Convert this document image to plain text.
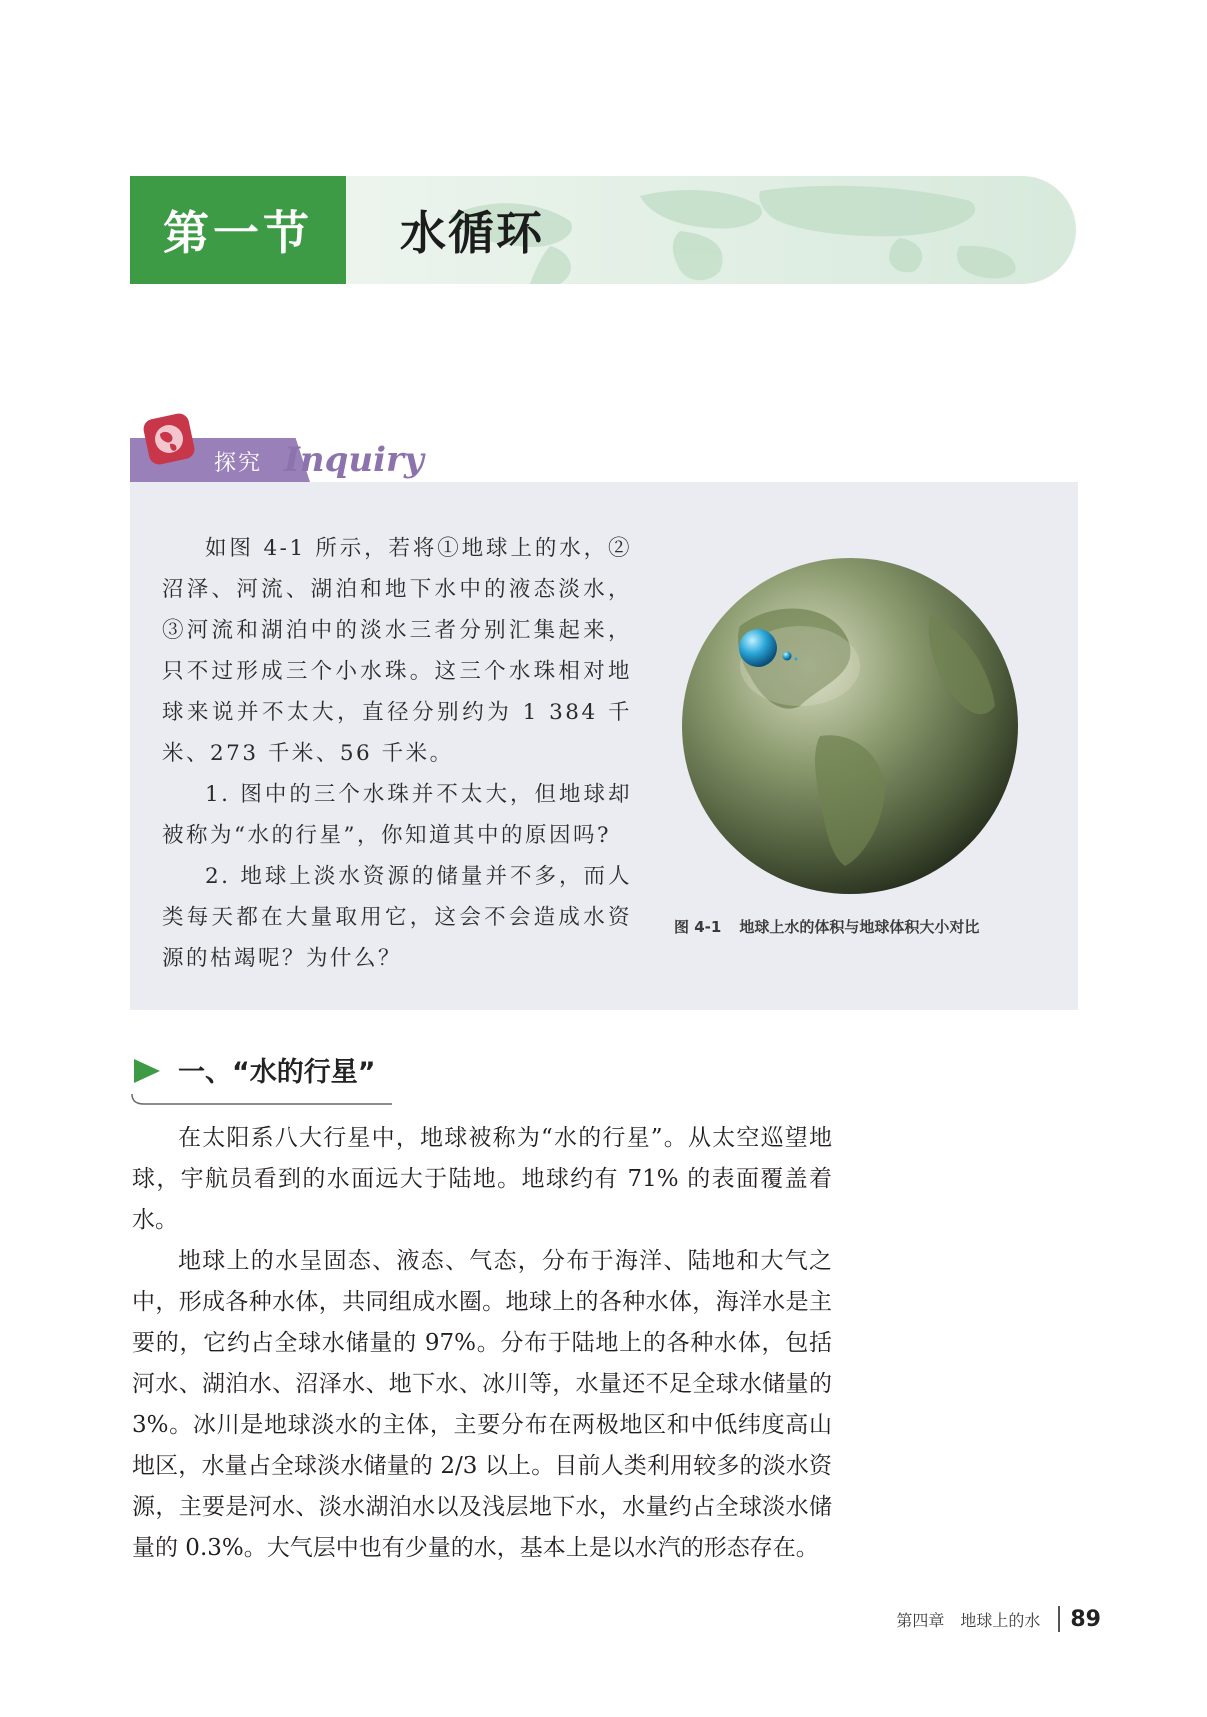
第一节	水循环
探究 Inquiry

如图 4-1 所示，若将①地球上的水，②沼泽、河流、湖泊和地下水中的液态淡水，③河流和湖泊中的淡水三者分别汇集起来，只不过形成三个小水珠。这三个水珠相对地球来说并不太大，直径分别约为 1 384 千米、273 千米、56 千米。

1. 图中的三个水珠并不太大，但地球却被称为“水的行星”，你知道其中的原因吗?

2. 地球上淡水资源的储量并不多，而人类每天都在大量取用它，这会不会造成水资源的枯竭呢？为什么？

图 4-1 地球上水的体积与地球体积大小对比
一、“水的行星”

在太阳系八大行星中，地球被称为“水的行星”。从太空巡望地球，宇航员看到的水面远大于陆地。地球约有 71% 的表面覆盖着水。

地球上的水呈固态、液态、气态，分布于海洋、陆地和大气之中，形成各种水体，共同组成水圈。地球上的各种水体，海洋水是主要的，它约占全球水储量的 97%。分布于陆地上的各种水体，包括河水、湖泊水、沼泽水、地下水、冰川等，水量还不足全球水储量的 3%。冰川是地球淡水的主体，主要分布在两极地区和中低纬度高山地区，水量占全球淡水储量的 2/3 以上。目前人类利用较多的淡水资源，主要是河水、淡水湖泊水以及浅层地下水，水量约占全球淡水储量的 0.3%。大气层中也有少量的水，基本上是以水汽的形态存在。

第四章　地球上的水 89
